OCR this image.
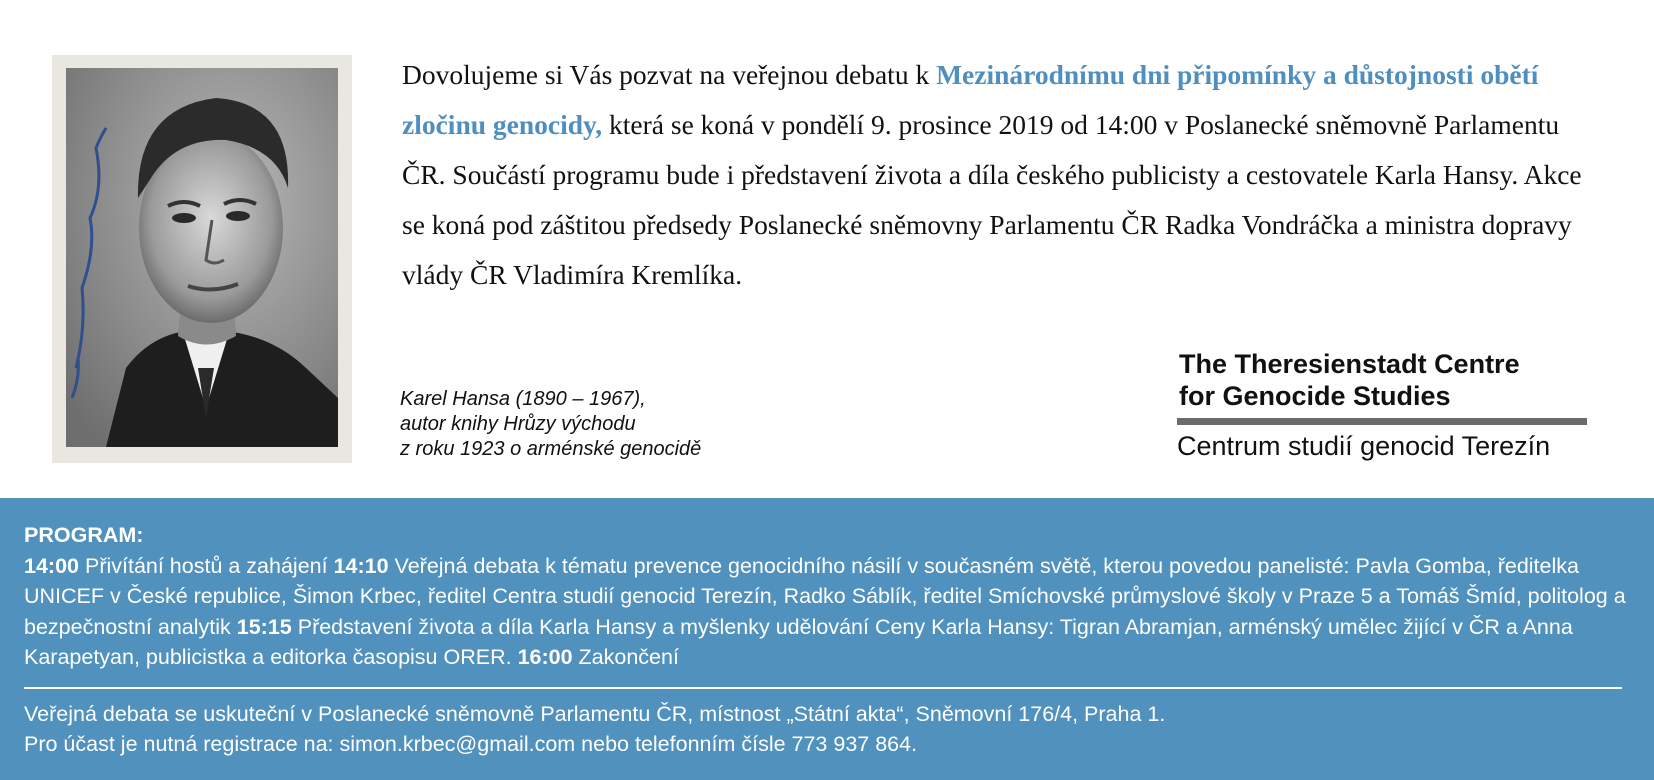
Dovolujeme si Vás pozvat na veřejnou debatu k Mezinárodnímu dni připomínky a důstojnosti obětí zločinu genocidy, která se koná v pondělí 9. prosince 2019 od 14:00 v Poslanecké sněmovně Parlamentu ČR. Součástí programu bude i představení života a díla českého publicisty a cestovatele Karla Hansy. Akce se koná pod záštitou předsedy Poslanecké sněmovny Parlamentu ČR Radka Vondráčka a ministra dopravy vlády ČR Vladimíra Kremlíka.

Karel Hansa (1890 – 1967),
autor knihy Hrůzy východu
z roku 1923 o arménské genocidě
The Theresienstadt Centre
for Genocide Studies
Centrum studií genocid Terezín
PROGRAM:

14:00 Přivítání hostů a zahájení 14:10 Veřejná debata k tématu prevence genocidního násilí v současném světě, kterou povedou panelisté: Pavla Gomba, ředitelka UNICEF v České republice, Šimon Krbec, ředitel Centra studií genocid Terezín, Radko Sáblík, ředitel Smíchovské průmyslové školy v Praze 5 a Tomáš Šmíd, politolog a bezpečnostní analytik 15:15 Představení života a díla Karla Hansy a myšlenky udělování Ceny Karla Hansy: Tigran Abramjan, arménský umělec žijící v ČR a Anna Karapetyan, publicistka a editorka časopisu ORER. 16:00 Zakončení

Veřejná debata se uskuteční v Poslanecké sněmovně Parlamentu ČR, místnost „Státní akta“, Sněmovní 176/4, Praha 1.

Pro účast je nutná registrace na: simon.krbec@gmail.com nebo telefonním čísle 773 937 864.
